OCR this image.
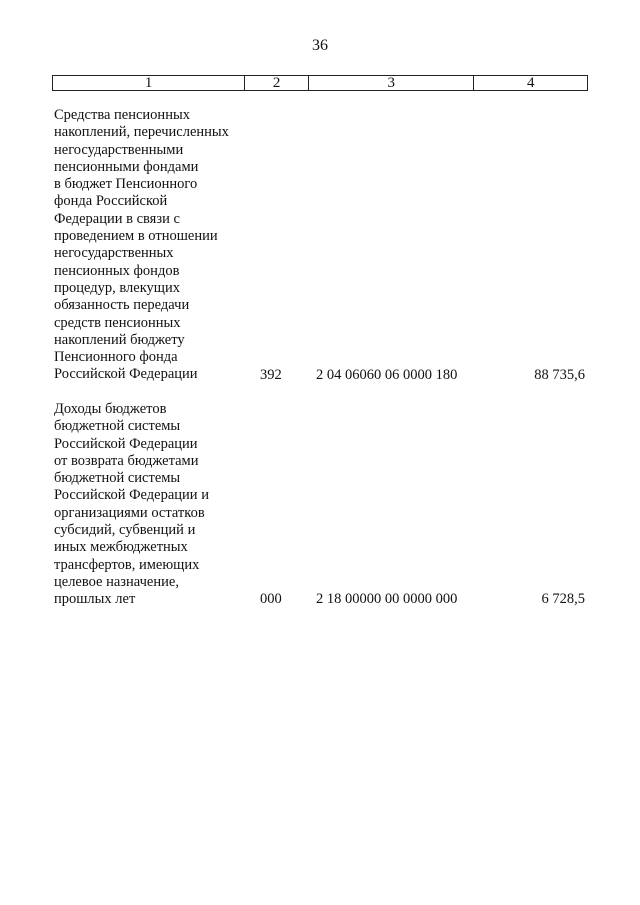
36
1	2	3	4
Средства пенсионных
накоплений, перечисленных
негосударственными
пенсионными фондами
в бюджет Пенсионного
фонда Российской
Федерации в связи с
проведением в отношении
негосударственных
пенсионных фондов
процедур, влекущих
обязанность передачи
средств пенсионных
накоплений бюджету
Пенсионного фонда
Российской Федерации	392	2 04 06060 06 0000 180	88 735,6
Доходы бюджетов
бюджетной системы
Российской Федерации
от возврата бюджетами
бюджетной системы
Российской Федерации и
организациями остатков
субсидий, субвенций и
иных межбюджетных
трансфертов, имеющих
целевое назначение,
прошлых лет	000	2 18 00000 00 0000 000	6 728,5
